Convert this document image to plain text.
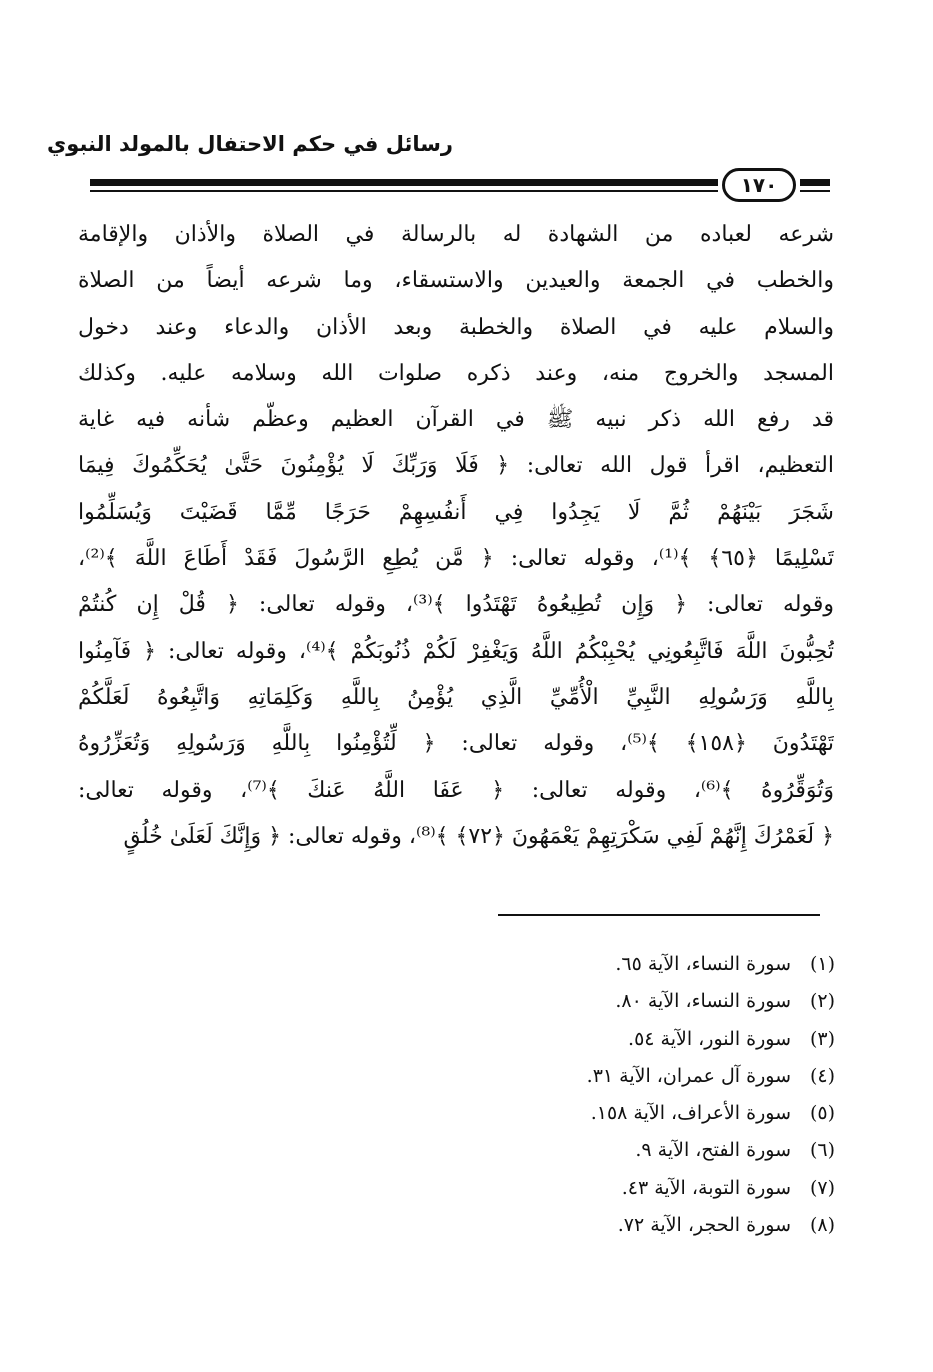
رسائل في حكم الاحتفال بالمولد النبوي
١٧٠
شرعه لعباده من الشهادة له بالرسالة في الصلاة والأذان والإقامة
والخطب في الجمعة والعيدين والاستسقاء، وما شرعه أيضاً من الصلاة
والسلام عليه في الصلاة والخطبة وبعد الأذان والدعاء وعند دخول
المسجد والخروج منه، وعند ذكره صلوات الله وسلامه عليه. وكذلك
قد رفع الله ذكر نبيه ﷺ في القرآن العظيم وعظّم شأنه فيه غاية
التعظيم، اقرأ قول الله تعالى: ﴿ فَلَا وَرَبِّكَ لَا يُؤْمِنُونَ حَتَّىٰ يُحَكِّمُوكَ فِيمَا
شَجَرَ بَيْنَهُمْ ثُمَّ لَا يَجِدُوا فِي أَنفُسِهِمْ حَرَجًا مِّمَّا قَضَيْتَ وَيُسَلِّمُوا
تَسْلِيمًا ﴿٦٥﴾ ﴾⁽¹⁾، وقوله تعالى: ﴿ مَّن يُطِعِ الرَّسُولَ فَقَدْ أَطَاعَ اللَّهَ ﴾⁽²⁾،
وقوله تعالى: ﴿ وَإِن تُطِيعُوهُ تَهْتَدُوا ﴾⁽³⁾، وقوله تعالى: ﴿ قُلْ إِن كُنتُمْ
تُحِبُّونَ اللَّهَ فَاتَّبِعُونِي يُحْبِبْكُمُ اللَّهُ وَيَغْفِرْ لَكُمْ ذُنُوبَكُمْ ﴾⁽⁴⁾، وقوله تعالى: ﴿ فَآمِنُوا
بِاللَّهِ وَرَسُولِهِ النَّبِيِّ الْأُمِّيِّ الَّذِي يُؤْمِنُ بِاللَّهِ وَكَلِمَاتِهِ وَاتَّبِعُوهُ لَعَلَّكُمْ
تَهْتَدُونَ ﴿١٥٨﴾ ﴾⁽⁵⁾، وقوله تعالى: ﴿ لِّتُؤْمِنُوا بِاللَّهِ وَرَسُولِهِ وَتُعَزِّرُوهُ
وَتُوَقِّرُوهُ ﴾⁽⁶⁾، وقوله تعالى: ﴿ عَفَا اللَّهُ عَنكَ ﴾⁽⁷⁾، وقوله تعالى:
﴿ لَعَمْرُكَ إِنَّهُمْ لَفِي سَكْرَتِهِمْ يَعْمَهُونَ ﴿٧٢﴾ ﴾⁽⁸⁾، وقوله تعالى: ﴿ وَإِنَّكَ لَعَلَىٰ خُلُقٍ
(١)سورة النساء، الآية ٦٥.
(٢)سورة النساء، الآية ٨٠.
(٣)سورة النور، الآية ٥٤.
(٤)سورة آل عمران، الآية ٣١.
(٥)سورة الأعراف، الآية ١٥٨.
(٦)سورة الفتح، الآية ٩.
(٧)سورة التوبة، الآية ٤٣.
(٨)سورة الحجر، الآية ٧٢.
